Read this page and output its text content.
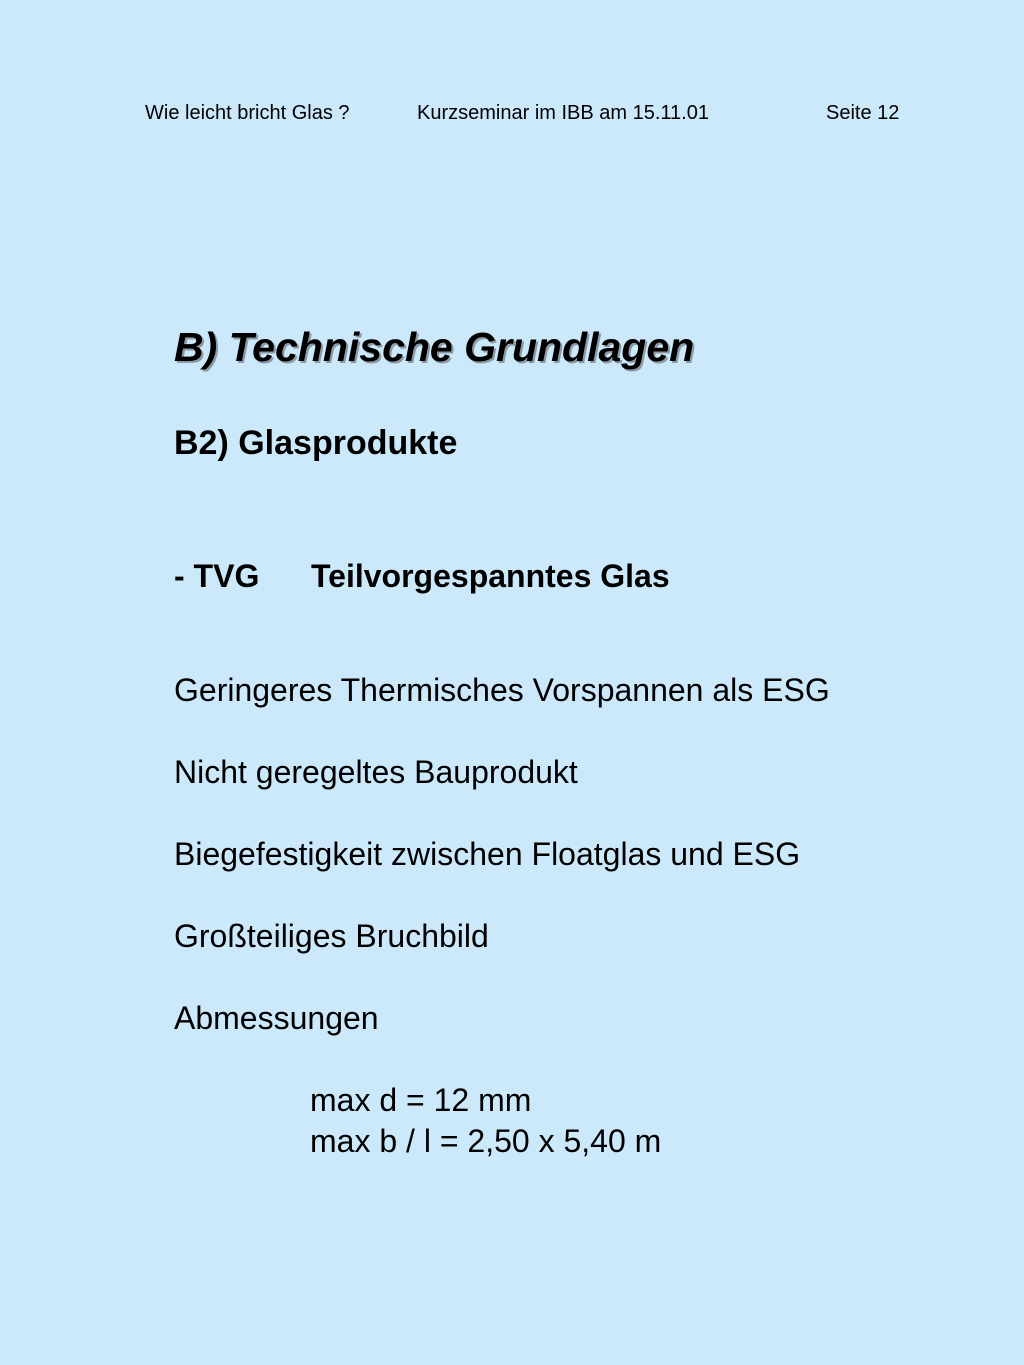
Wie leicht bricht Glas ?	Kurzseminar im IBB am 15.11.01	Seite 12
B) Technische Grundlagen
B2) Glasprodukte
- TVG Teilvorgespanntes Glas
Geringeres Thermisches Vorspannen als ESG
Nicht geregeltes Bauprodukt
Biegefestigkeit zwischen Floatglas und ESG
Großteiliges Bruchbild
Abmessungen
max d = 12 mm
max b / l = 2,50 x 5,40 m
